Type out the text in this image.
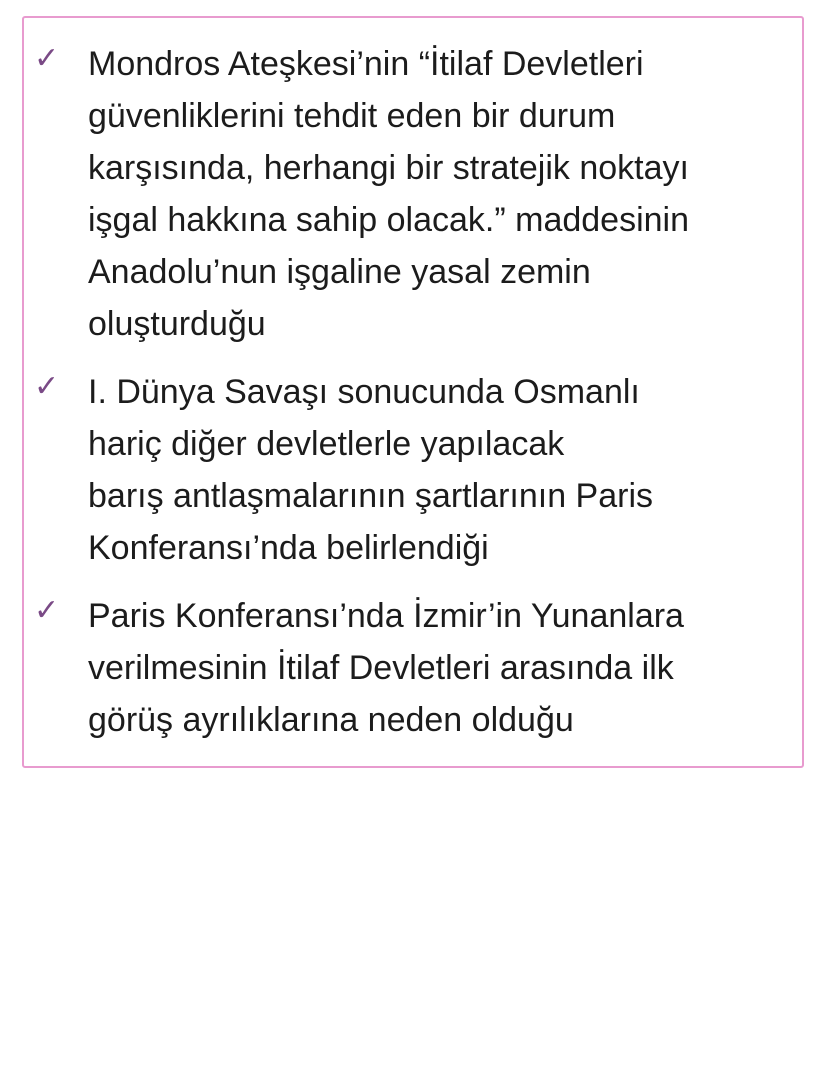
✓ Mondros Ateşkesi’nin “İtilaf Devletleri
güvenliklerini tehdit eden bir durum
karşısında, herhangi bir stratejik noktayı
işgal hakkına sahip olacak.” maddesinin
Anadolu’nun işgaline yasal zemin
oluşturduğu
✓ I. Dünya Savaşı sonucunda Osmanlı
hariç diğer devletlerle yapılacak
barış antlaşmalarının şartlarının Paris
Konferansı’nda belirlendiği
✓ Paris Konferansı’nda İzmir’in Yunanlara
verilmesinin İtilaf Devletleri arasında ilk
görüş ayrılıklarına neden olduğu
